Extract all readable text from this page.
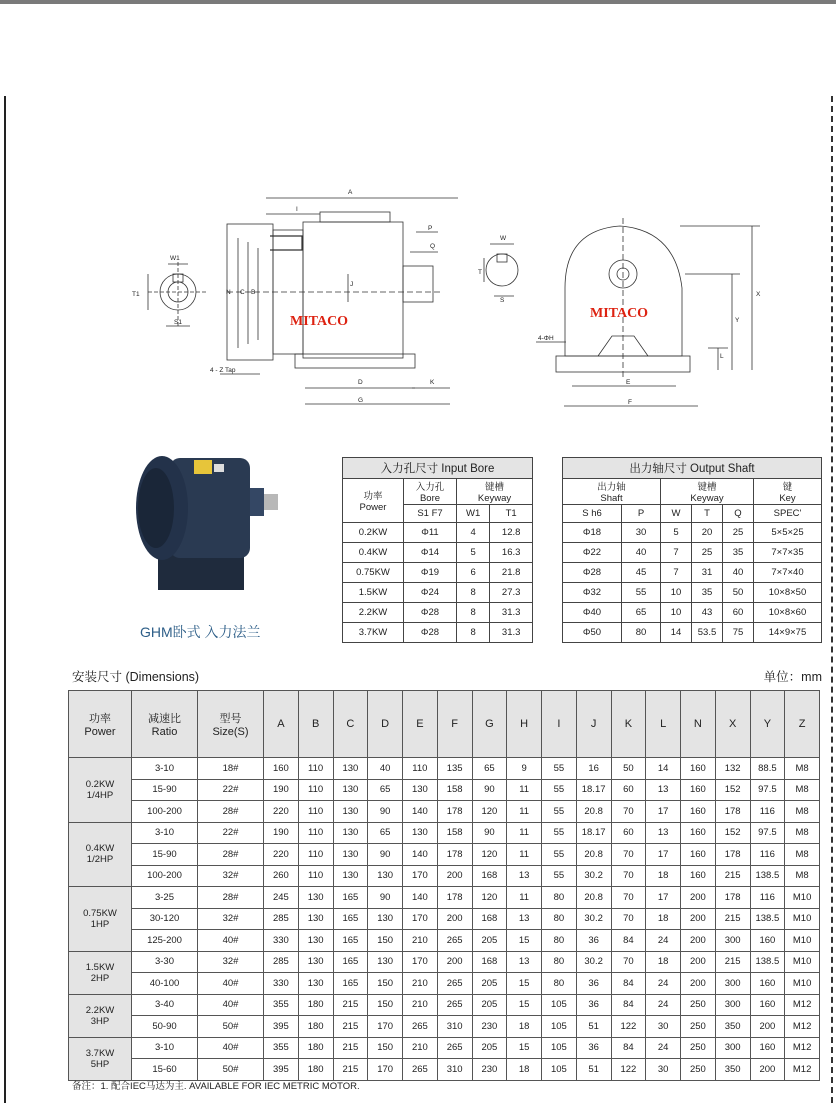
A
I
P
Q
W1
T1
S1
N C B
J
D	K
G
4 - Z Tap
W
T
S
X
Y
L
E
F
4-ΦH
MITACO
MITACO
GHM卧式 入力法兰
入力孔尺寸 Input Bore			
功率
Power	入力孔
Bore	键槽
Keyway	
	S1 F7	W1	T1
0.2KW	Φ11	4	12.8
0.4KW	Φ14	5	16.3
0.75KW	Φ19	6	21.8
1.5KW	Φ24	8	27.3
2.2KW	Φ28	8	31.3
3.7KW	Φ28	8	31.3
出力轴尺寸 Output Shaft					
出力轴
Shaft		键槽
Keyway			键
Key
S h6	P	W	T	Q	SPEC'
Φ18	30	5	20	25	5×5×25
Φ22	40	7	25	35	7×7×35
Φ28	45	7	31	40	7×7×40
Φ32	55	10	35	50	10×8×50
Φ40	65	10	43	60	10×8×60
Φ50	80	14	53.5	75	14×9×75
安装尺寸 (Dimensions)	单位：mm
功率
Power	减速比
Ratio	型号
Size(S)	A	B	C	D	E	F	G	H	I	J	K	L	N	X	Y	Z
0.2KW
1/4HP	3-10	18#	160	110	130	40	110	135	65	9	55	16	50	14	160	132	88.5	M8
	15-90	22#	190	110	130	65	130	158	90	11	55	18.17	60	13	160	152	97.5	M8
	100-200	28#	220	110	130	90	140	178	120	11	55	20.8	70	17	160	178	116	M8
0.4KW
1/2HP	3-10	22#	190	110	130	65	130	158	90	11	55	18.17	60	13	160	152	97.5	M8
	15-90	28#	220	110	130	90	140	178	120	11	55	20.8	70	17	160	178	116	M8
	100-200	32#	260	110	130	130	170	200	168	13	55	30.2	70	18	160	215	138.5	M8
0.75KW
1HP	3-25	28#	245	130	165	90	140	178	120	11	80	20.8	70	17	200	178	116	M10
	30-120	32#	285	130	165	130	170	200	168	13	80	30.2	70	18	200	215	138.5	M10
	125-200	40#	330	130	165	150	210	265	205	15	80	36	84	24	200	300	160	M10
1.5KW
2HP	3-30	32#	285	130	165	130	170	200	168	13	80	30.2	70	18	200	215	138.5	M10
	40-100	40#	330	130	165	150	210	265	205	15	80	36	84	24	200	300	160	M10
2.2KW
3HP	3-40	40#	355	180	215	150	210	265	205	15	105	36	84	24	250	300	160	M12
	50-90	50#	395	180	215	170	265	310	230	18	105	51	122	30	250	350	200	M12
3.7KW
5HP	3-10	40#	355	180	215	150	210	265	205	15	105	36	84	24	250	300	160	M12
	15-60	50#	395	180	215	170	265	310	230	18	105	51	122	30	250	350	200	M12
备注：1. 配合IEC马达为主. AVAILABLE FOR IEC METRIC MOTOR.
